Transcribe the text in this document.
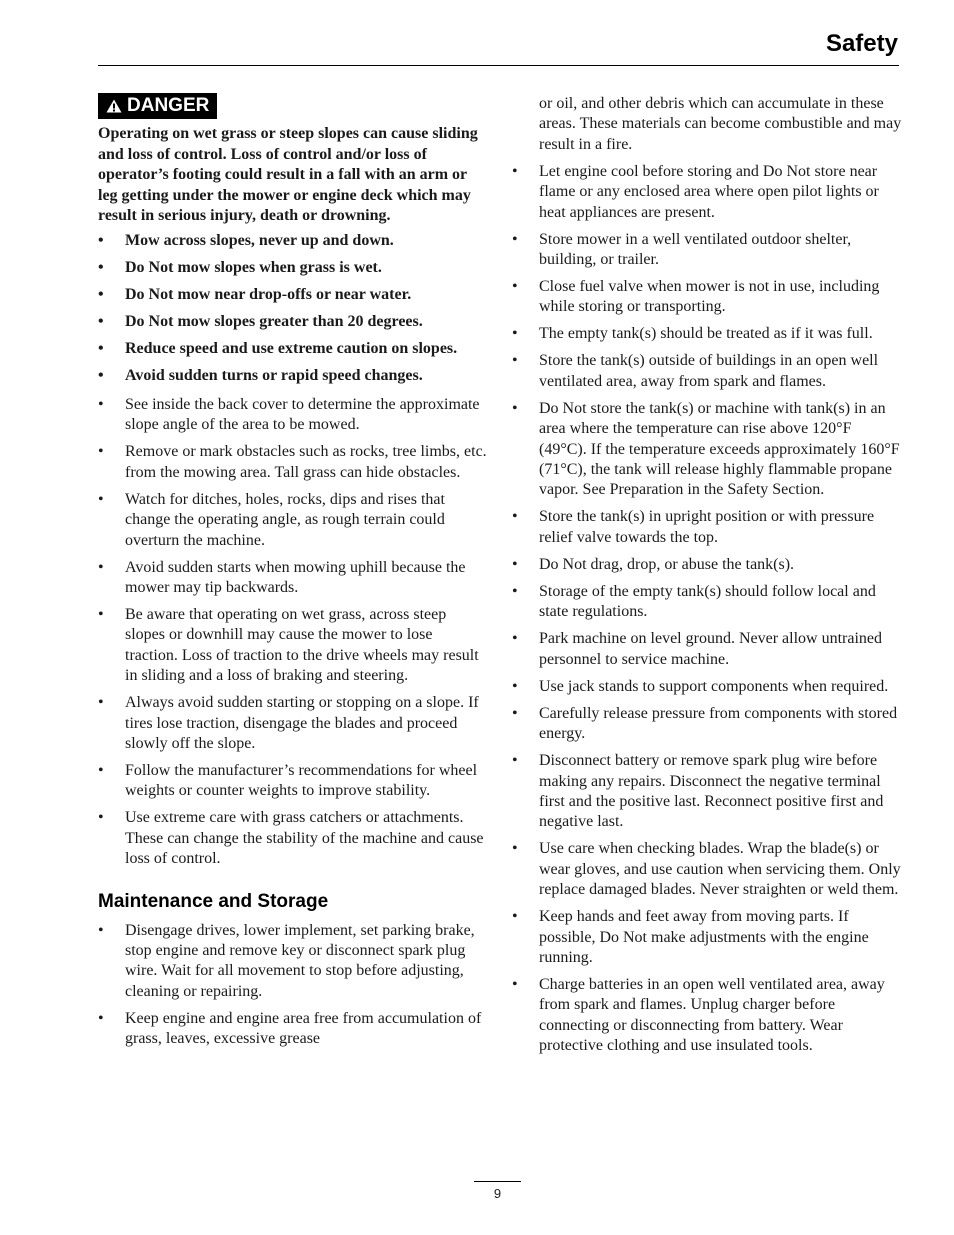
Safety
DANGER

Operating on wet grass or steep slopes can cause sliding and loss of control. Loss of control and/or loss of operator’s footing could result in a fall with an arm or leg getting under the mower or engine deck which may result in serious injury, death or drowning.

•	Mow across slopes, never up and down.
•	Do Not mow slopes when grass is wet.
•	Do Not mow near drop-offs or near water.
•	Do Not mow slopes greater than 20 degrees.
•	Reduce speed and use extreme caution on slopes.
•	Avoid sudden turns or rapid speed changes.
•	See inside the back cover to determine the approximate slope angle of the area to be mowed.
•	Remove or mark obstacles such as rocks, tree limbs, etc. from the mowing area. Tall grass can hide obstacles.
•	Watch for ditches, holes, rocks, dips and rises that change the operating angle, as rough terrain could overturn the machine.
•	Avoid sudden starts when mowing uphill because the mower may tip backwards.
•	Be aware that operating on wet grass, across steep slopes or downhill may cause the mower to lose traction. Loss of traction to the drive wheels may result in sliding and a loss of braking and steering.
•	Always avoid sudden starting or stopping on a slope. If tires lose traction, disengage the blades and proceed slowly off the slope.
•	Follow the manufacturer’s recommendations for wheel weights or counter weights to improve stability.
•	Use extreme care with grass catchers or attachments. These can change the stability of the machine and cause loss of control.
Maintenance and Storage
•	Disengage drives, lower implement, set parking brake, stop engine and remove key or disconnect spark plug wire. Wait for all movement to stop before adjusting, cleaning or repairing.
•	Keep engine and engine area free from accumulation of grass, leaves, excessive grease
or oil, and other debris which can accumulate in these areas. These materials can become combustible and may result in a fire.
•	Let engine cool before storing and Do Not store near flame or any enclosed area where open pilot lights or heat appliances are present.
•	Store mower in a well ventilated outdoor shelter, building, or trailer.
•	Close fuel valve when mower is not in use, including while storing or transporting.
•	The empty tank(s) should be treated as if it was full.
•	Store the tank(s) outside of buildings in an open well ventilated area, away from spark and flames.
•	Do Not store the tank(s) or machine with tank(s) in an area where the temperature can rise above 120°F (49°C). If the temperature exceeds approximately 160°F (71°C), the tank will release highly flammable propane vapor. See Preparation in the Safety Section.
•	Store the tank(s) in upright position or with pressure relief valve towards the top.
•	Do Not drag, drop, or abuse the tank(s).
•	Storage of the empty tank(s) should follow local and state regulations.
•	Park machine on level ground. Never allow untrained personnel to service machine.
•	Use jack stands to support components when required.
•	Carefully release pressure from components with stored energy.
•	Disconnect battery or remove spark plug wire before making any repairs. Disconnect the negative terminal first and the positive last. Reconnect positive first and negative last.
•	Use care when checking blades. Wrap the blade(s) or wear gloves, and use caution when servicing them. Only replace damaged blades. Never straighten or weld them.
•	Keep hands and feet away from moving parts. If possible, Do Not make adjustments with the engine running.
•	Charge batteries in an open well ventilated area, away from spark and flames. Unplug charger before connecting or disconnecting from battery. Wear protective clothing and use insulated tools.
9
